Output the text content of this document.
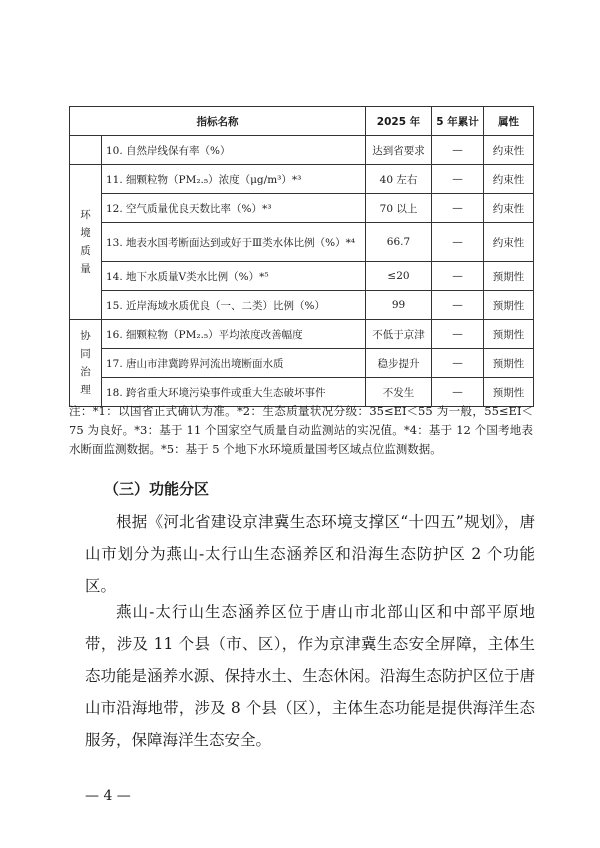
指标名称		2025 年	5 年累计	属性
	10. 自然岸线保有率（%）	达到省要求	—	约束性
环境质量	11. 细颗粒物（PM₂.₅）浓度（μg/m³）*³	40 左右	—	约束性
	12. 空气质量优良天数比率（%）*³	70 以上	—	约束性
	13. 地表水国考断面达到或好于Ⅲ类水体比例（%）*⁴	66.7	—	约束性
	14. 地下水质量Ⅴ类水比例（%）*⁵	≤20	—	预期性
	15. 近岸海域水质优良（一、二类）比例（%）	99	—	预期性
协同治理	16. 细颗粒物（PM₂.₅）平均浓度改善幅度	不低于京津	—	预期性
	17. 唐山市津冀跨界河流出境断面水质	稳步提升	—	预期性
	18. 跨省重大环境污染事件或重大生态破坏事件	不发生	—	预期性
注：*1：以国省正式确认为准。*2：生态质量状况分级：35≤EI＜55 为一般，55≤EI＜75 为良好。*3：基于 11 个国家空气质量自动监测站的实况值。*4：基于 12 个国考地表水断面监测数据。*5：基于 5 个地下水环境质量国考区域点位监测数据。
（三）功能分区
根据《河北省建设京津冀生态环境支撑区“十四五”规划》，唐山市划分为燕山-太行山生态涵养区和沿海生态防护区 2 个功能区。
燕山-太行山生态涵养区位于唐山市北部山区和中部平原地带，涉及 11 个县（市、区），作为京津冀生态安全屏障，主体生态功能是涵养水源、保持水土、生态休闲。沿海生态防护区位于唐山市沿海地带，涉及 8 个县（区），主体生态功能是提供海洋生态服务，保障海洋生态安全。
— 4 —
